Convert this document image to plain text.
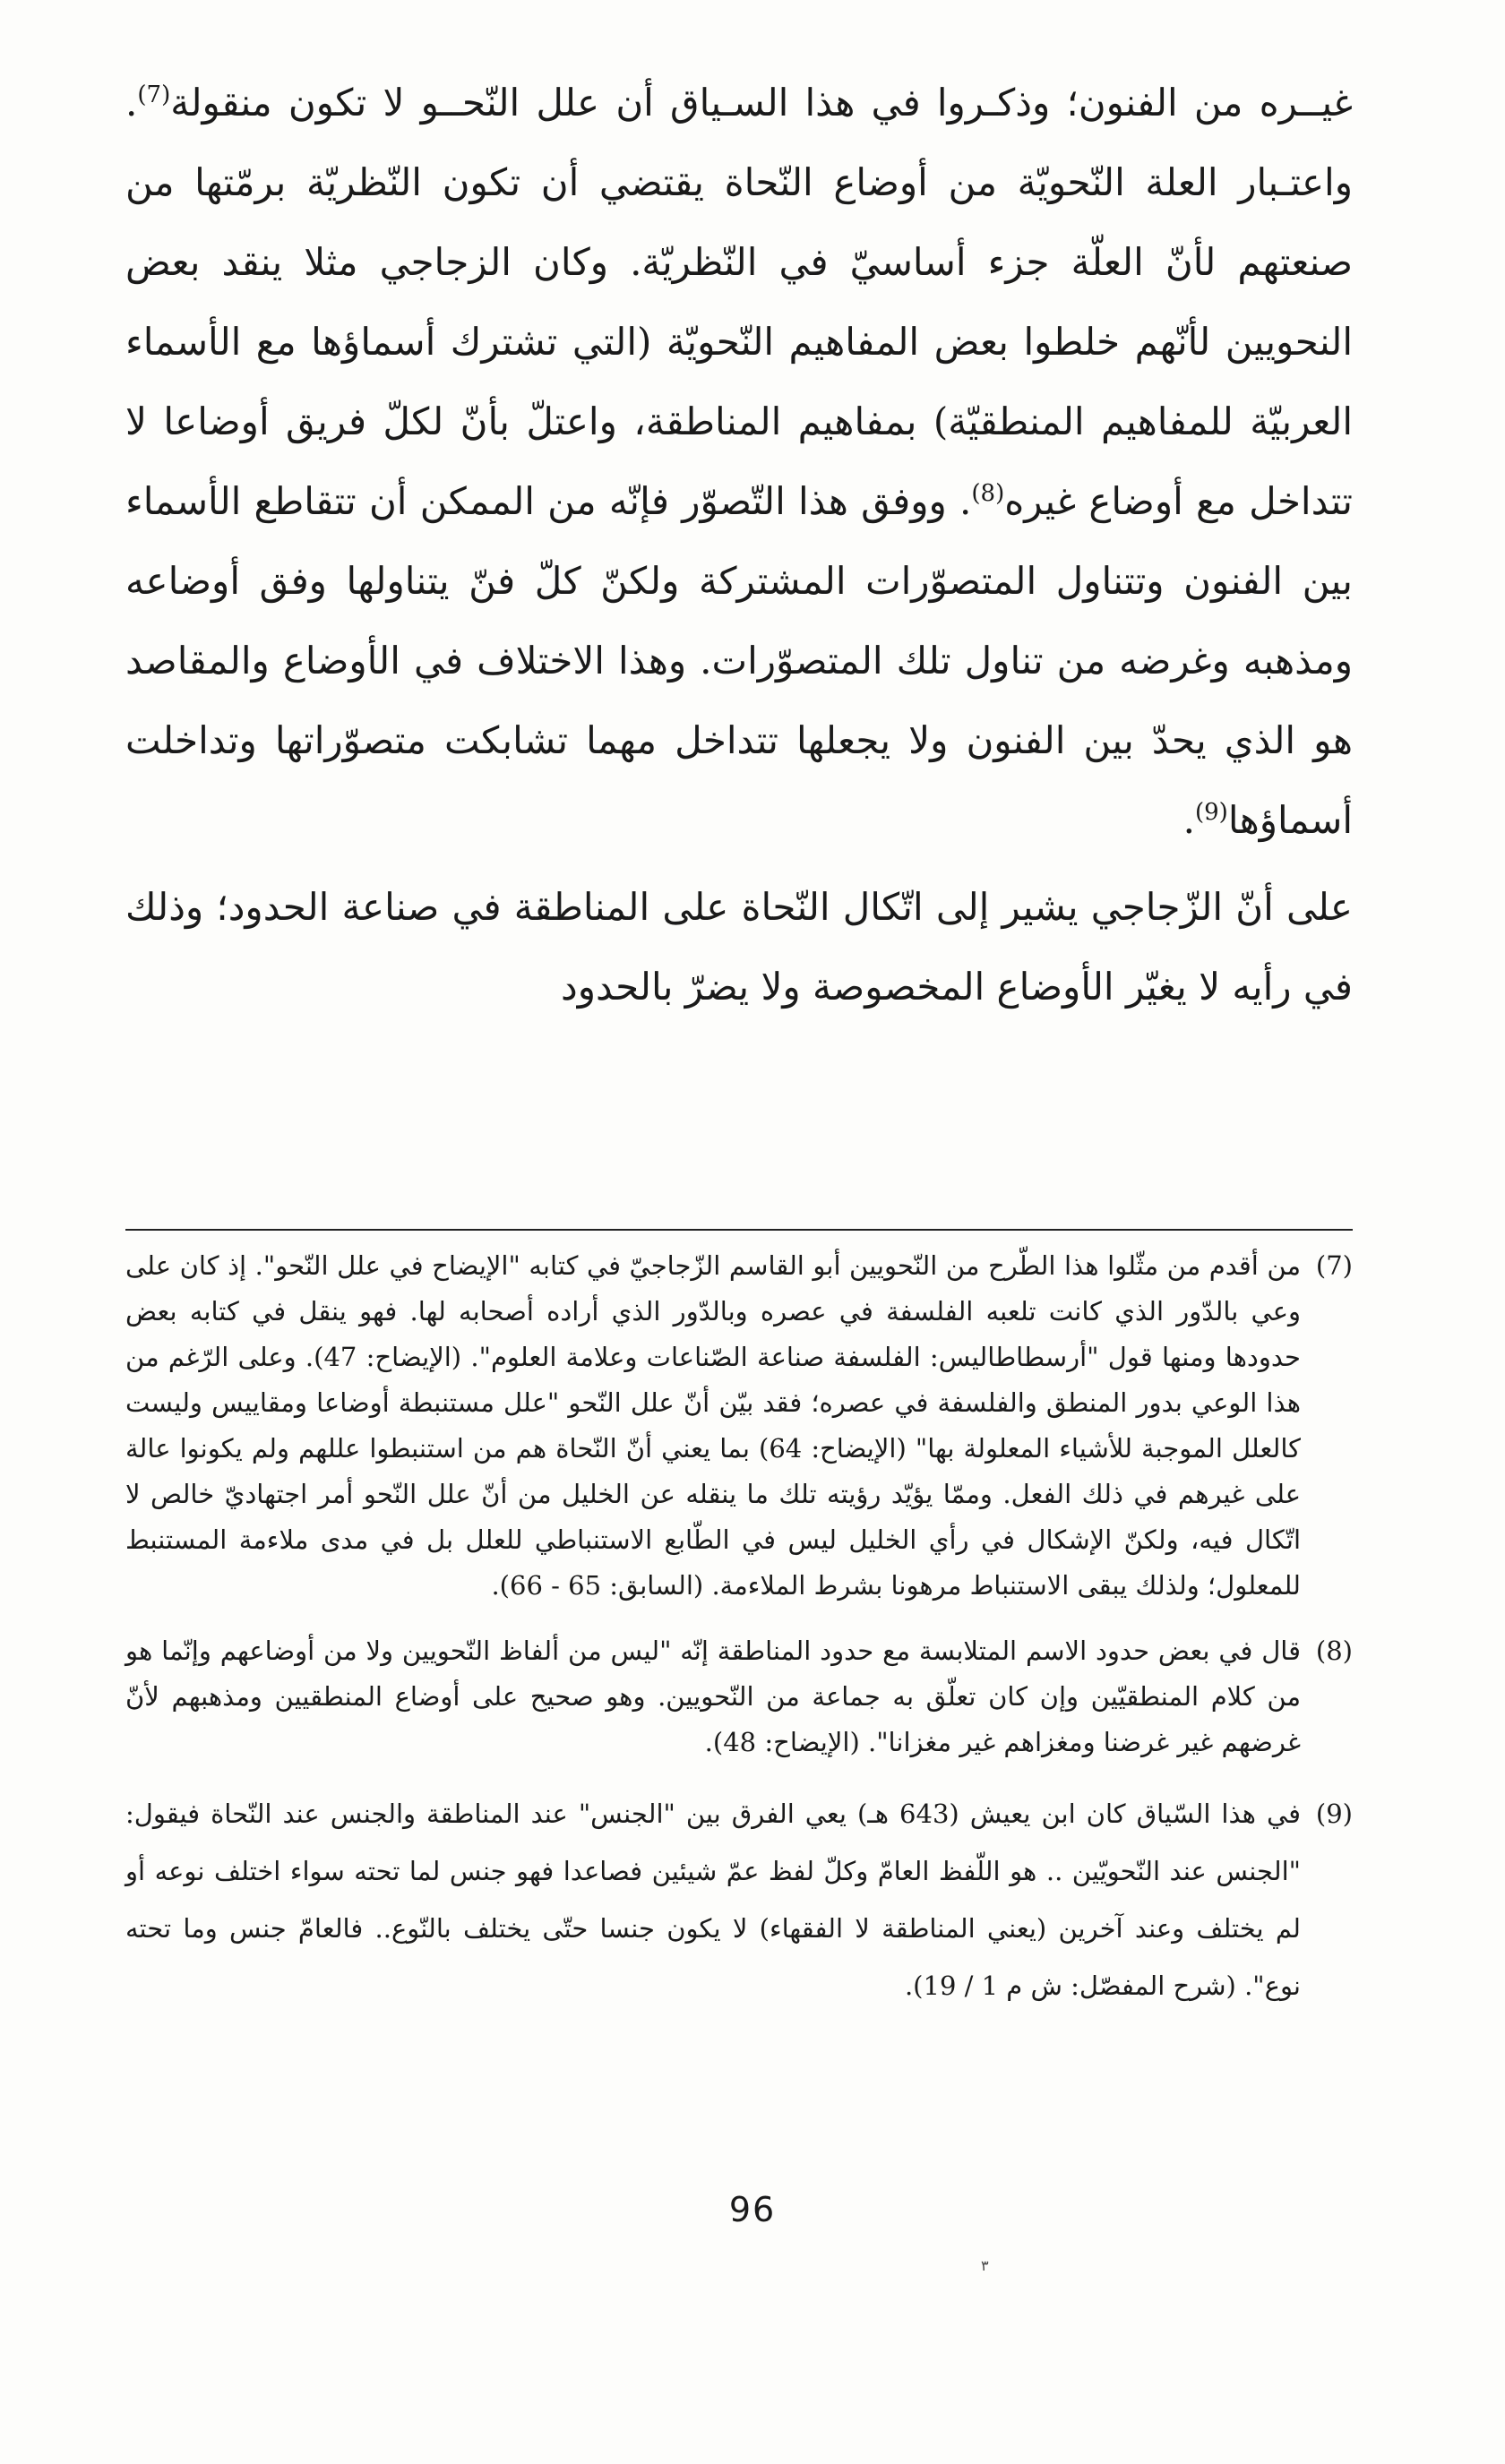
غيــره من الفنون؛ وذكـروا في هذا السـياق أن علل النّحــو لا تكون منقولة$^{(7)}$. واعتـبار العلة النّحويّة من أوضاع النّحاة يقتضي أن تكون النّظريّة برمّتها من صنعتهم لأنّ العلّة جزء أساسيّ في النّظريّة. وكان الزجاجي مثلا ينقد بعض النحويين لأنّهم خلطوا بعض المفاهيم النّحويّة (التي تشترك أسماؤها مع الأسماء العربيّة للمفاهيم المنطقيّة) بمفاهيم المناطقة، واعتلّ بأنّ لكلّ فريق أوضاعا لا تتداخل مع أوضاع غيره$^{(8)}$. ووفق هذا التّصوّر فإنّه من الممكن أن تتقاطع الأسماء بين الفنون وتتناول المتصوّرات المشتركة ولكنّ كلّ فنّ يتناولها وفق أوضاعه ومذهبه وغرضه من تناول تلك المتصوّرات. وهذا الاختلاف في الأوضاع والمقاصد هو الذي يحدّ بين الفنون ولا يجعلها تتداخل مهما تشابكت متصوّراتها وتداخلت أسماؤها$^{(9)}$.

على أنّ الزّجاجي يشير إلى اتّكال النّحاة على المناطقة في صناعة الحدود؛ وذلك في رأيه لا يغيّر الأوضاع المخصوصة ولا يضرّ بالحدود

(7)
من أقدم من مثّلوا هذا الطّرح من النّحويين أبو القاسم الزّجاجيّ في كتابه "الإيضاح في علل النّحو". إذ كان على وعي بالدّور الذي كانت تلعبه الفلسفة في عصره وبالدّور الذي أراده أصحابه لها. فهو ينقل في كتابه بعض حدودها ومنها قول "أرسطاطاليس: الفلسفة صناعة الصّناعات وعلامة العلوم". (الإيضاح: 47). وعلى الرّغم من هذا الوعي بدور المنطق والفلسفة في عصره؛ فقد بيّن أنّ علل النّحو "علل مستنبطة أوضاعا ومقاييس وليست كالعلل الموجبة للأشياء المعلولة بها" (الإيضاح: 64) بما يعني أنّ النّحاة هم من استنبطوا عللهم ولم يكونوا عالة على غيرهم في ذلك الفعل. وممّا يؤيّد رؤيته تلك ما ينقله عن الخليل من أنّ علل النّحو أمر اجتهاديّ خالص لا اتّكال فيه، ولكنّ الإشكال في رأي الخليل ليس في الطّابع الاستنباطي للعلل بل في مدى ملاءمة المستنبط للمعلول؛ ولذلك يبقى الاستنباط مرهونا بشرط الملاءمة. (السابق: 65 - 66).

(8)
قال في بعض حدود الاسم المتلابسة مع حدود المناطقة إنّه "ليس من ألفاظ النّحويين ولا من أوضاعهم وإنّما هو من كلام المنطقيّين وإن كان تعلّق به جماعة من النّحويين. وهو صحيح على أوضاع المنطقيين ومذهبهم لأنّ غرضهم غير غرضنا ومغزاهم غير مغزانا". (الإيضاح: 48).

(9)
في هذا السّياق كان ابن يعيش (643 هـ) يعي الفرق بين "الجنس" عند المناطقة والجنس عند النّحاة فيقول: "الجنس عند النّحويّين .. هو اللّفظ العامّ وكلّ لفظ عمّ شيئين فصاعدا فهو جنس لما تحته سواء اختلف نوعه أو لم يختلف وعند آخرين (يعني المناطقة لا الفقهاء) لا يكون جنسا حتّى يختلف بالنّوع.. فالعامّ جنس وما تحته نوع". (شرح المفصّل: ش م 1 / 19).

96
٣
